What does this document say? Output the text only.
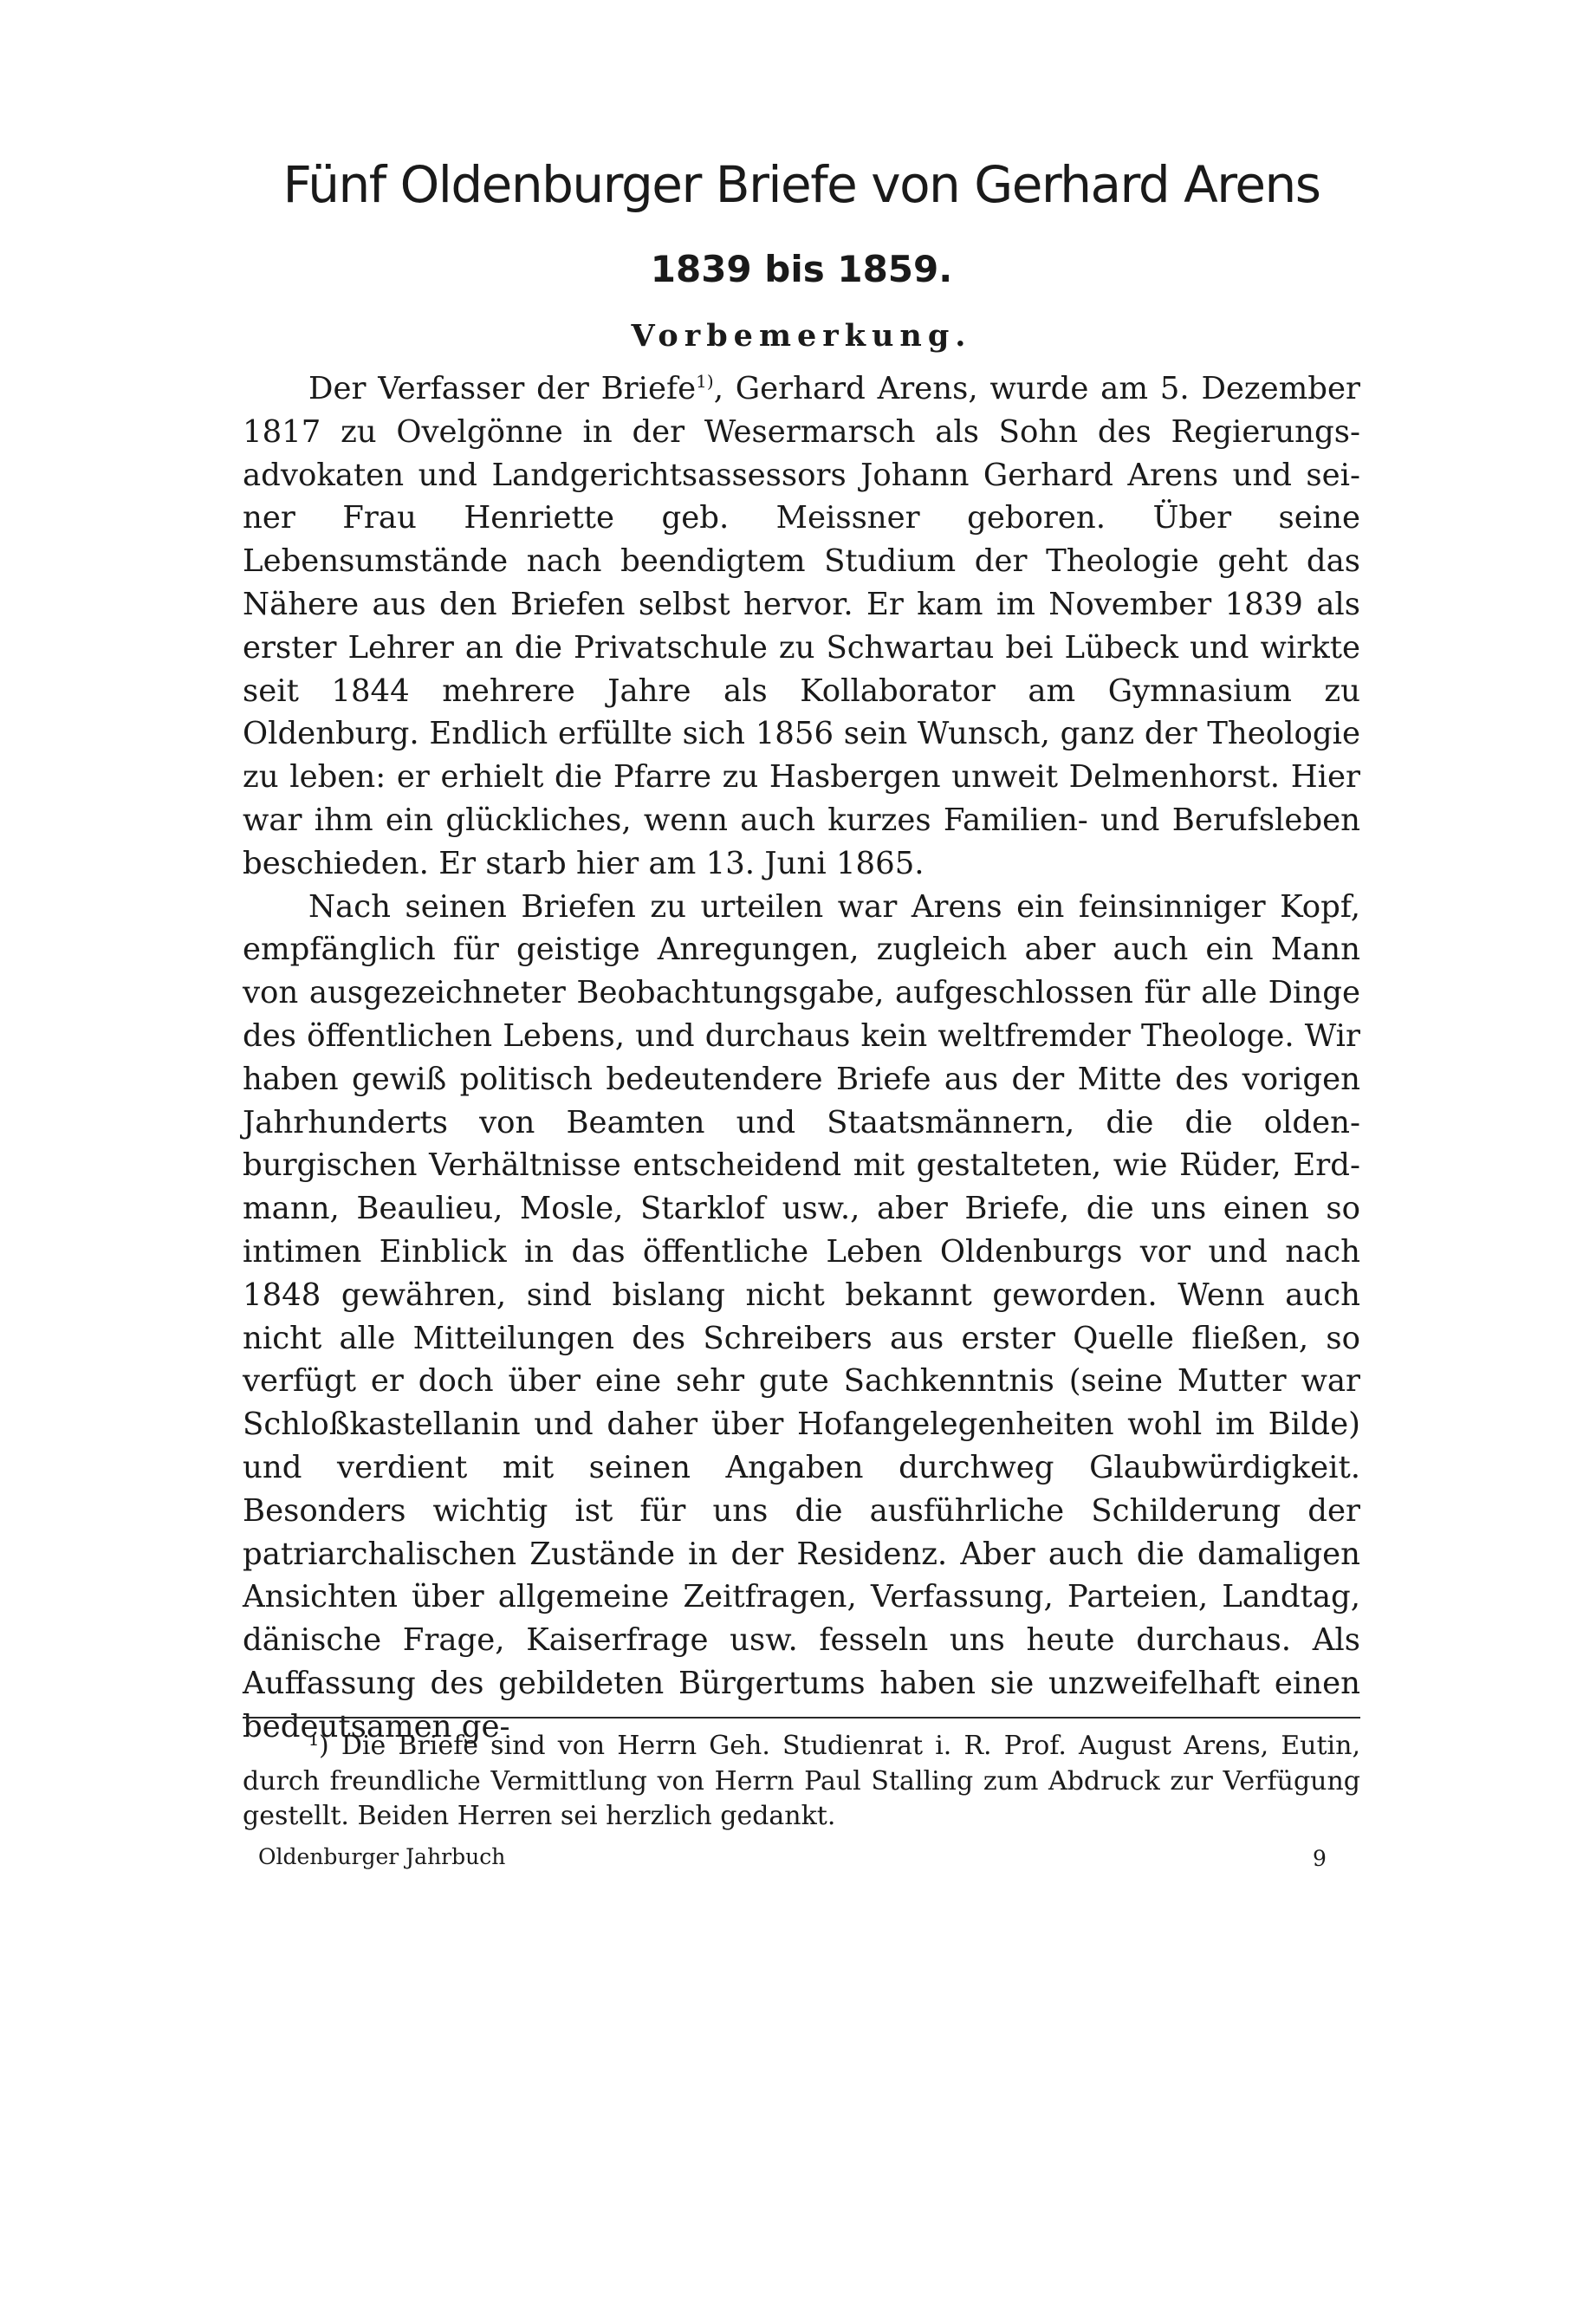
Fünf Oldenburger Briefe von Gerhard Arens
1839 bis 1859.
Vorbemerkung.

Der Verfasser der Briefe$^{1)}$, Gerhard Arens, wurde am 5. Dezember 1817 zu Ovelgönne in der Wesermarsch als Sohn des Regierungsadvokaten und Landgerichtsassessors Johann Gerhard Arens und seiner Frau Henriette geb. Meissner geboren. Über seine Lebensumstände nach beendigtem Studium der Theologie geht das Nähere aus den Briefen selbst hervor. Er kam im November 1839 als erster Lehrer an die Privatschule zu Schwartau bei Lübeck und wirkte seit 1844 mehrere Jahre als Kollaborator am Gymnasium zu Oldenburg. Endlich erfüllte sich 1856 sein Wunsch, ganz der Theologie zu leben: er erhielt die Pfarre zu Hasbergen unweit Delmenhorst. Hier war ihm ein glückliches, wenn auch kurzes Familien- und Berufsleben beschieden. Er starb hier am 13. Juni 1865.

Nach seinen Briefen zu urteilen war Arens ein feinsinniger Kopf, empfänglich für geistige Anregungen, zugleich aber auch ein Mann von ausgezeichneter Beobachtungsgabe, aufgeschlossen für alle Dinge des öffentlichen Lebens, und durchaus kein weltfremder Theologe. Wir haben gewiß politisch bedeutendere Briefe aus der Mitte des vorigen Jahrhunderts von Beamten und Staatsmännern, die die oldenburgischen Verhältnisse entscheidend mit gestalteten, wie Rüder, Erdmann, Beaulieu, Mosle, Starklof usw., aber Briefe, die uns einen so intimen Einblick in das öffentliche Leben Oldenburgs vor und nach 1848 gewähren, sind bislang nicht bekannt geworden. Wenn auch nicht alle Mitteilungen des Schreibers aus erster Quelle fließen, so verfügt er doch über eine sehr gute Sachkenntnis (seine Mutter war Schloßkastellanin und daher über Hofangelegenheiten wohl im Bilde) und verdient mit seinen Angaben durchweg Glaubwürdigkeit. Besonders wichtig ist für uns die ausführliche Schilderung der patriarchalischen Zustände in der Residenz. Aber auch die damaligen Ansichten über allgemeine Zeitfragen, Verfassung, Parteien, Landtag, dänische Frage, Kaiserfrage usw. fesseln uns heute durchaus. Als Auffassung des gebildeten Bürgertums haben sie unzweifelhaft einen bedeutsamen ge-

¹) Die Briefe sind von Herrn Geh. Studienrat i. R. Prof. August Arens, Eutin, durch freundliche Vermittlung von Herrn Paul Stalling zum Abdruck zur Verfügung gestellt. Beiden Herren sei herzlich gedankt.

Oldenburger Jahrbuch	9
